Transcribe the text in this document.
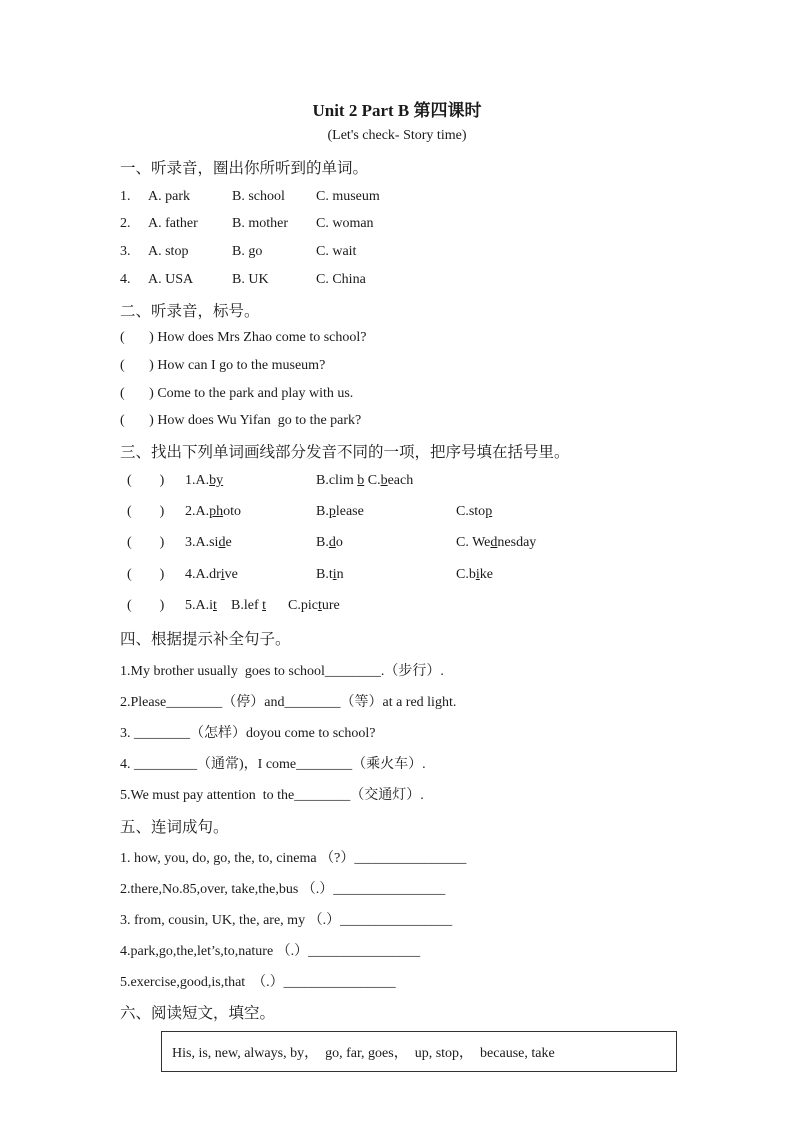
Unit 2 Part B 第四课时
(Let's check- Story time)
一、听录音，圈出你所听到的单词。
1. A. park	B. school C. museum
2. A. father B. mother C. woman
3. A. stop	B. go	C. wait
4. A. USA	B. UK	C. China
二、听录音，标号。
(       ) How does Mrs Zhao come to school?
(       ) How can I go to the museum?
(       ) Come to the park and play with us.
(       ) How does Wu Yifan  go to the park?
三、找出下列单词画线部分发音不同的一项，把序号填在括号里。
(        ) 1.A.by	B.clim b C.beach
(        ) 2.A.photo	B.please	C.stop
(        ) 3.A.side	B.do	C. Wednesday
(        ) 4.A.drive	B.tin	C.bike
(        ) 5.A.it B.lef t C.picture
四、根据提示补全句子。
1.My brother usually  goes to school________.（步行）.
2.Please________（停）and________（等）at a red light.
3. ________（怎样）doyou come to school?
4. _________（通常)，I come________（乘火车）.
5.We must pay attention  to the________（交通灯）.
五、连词成句。
1. how, you, do, go, the, to, cinema （?）________________
2.there,No.85,over, take,the,bus （.）________________
3. from, cousin, UK, the, are, my （.）________________
4.park,go,the,let’s,to,nature （.）________________
5.exercise,good,is,that  （.）________________
六、阅读短文，填空。
His, is, new, always, by，  go, far, goes，  up, stop，  because, take
